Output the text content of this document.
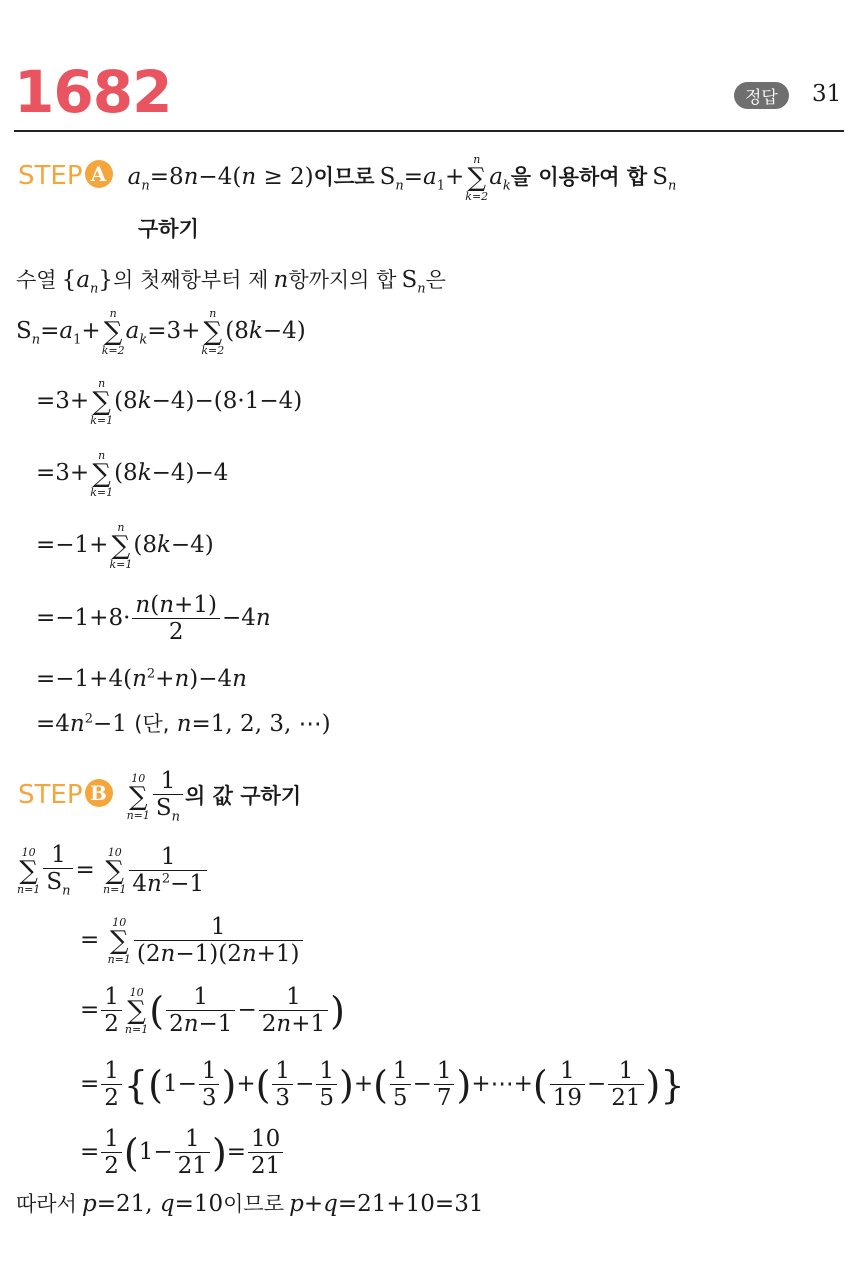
1682	정답	31
STEP A $a_n=8n-4(n \ge 2)$이므로 $S_n=a_1+$
n
∑
k=2
$a_k$을 이용하여 합 $S_n$
구하기
수열 $\{a_n\}$의 첫째항부터 제 n항까지의 합 $S_n$은
$S_n=a_1+$
n
∑
k=2
$a_k=3+$
n
∑
k=2
(8k−4)
=3+
n
∑
k=1
(8k−4)−(8·1−4)
=3+
n
∑
k=1
(8k−4)−4
=−1+
n
∑
k=1
(8k−4)
$=-1+8\cdot \frac{n(n+1)}{2} -4n$
$=-1+4(n^2+n)-4n$
$=4n^2-1$ (단, n=1, 2, 3, ⋯)
STEP B
10
∑
$n=1 \frac{1}{S_n}$ 의 값 구하기
10
∑
$n=1 \frac{1}{S_n}$ =
10
∑
$n=1 \frac{1}{4n^2-1}$
=
10
∑
$n=1 \frac{1}{(2n-1)(2n+1)}$
= $\frac{1}{2} 10$
∑
n=1 ( $\frac{1}{2n-1} - \frac{1}{2n+1}$ )
= $\frac{1}{2} \{(1- \frac{1}{3}$ )+( $\frac{1}{3} - \frac{1}{5}$ )+( $\frac{1}{5} - \frac{1}{7}$ )+⋯+( $\frac{1}{19} - \frac{1}{21}$ )}
= $\frac{1}{2} (1- \frac{1}{21}$ )= $\frac{10}{21}$
따라서 p=21, q=10이므로 p+q=21+10=31
